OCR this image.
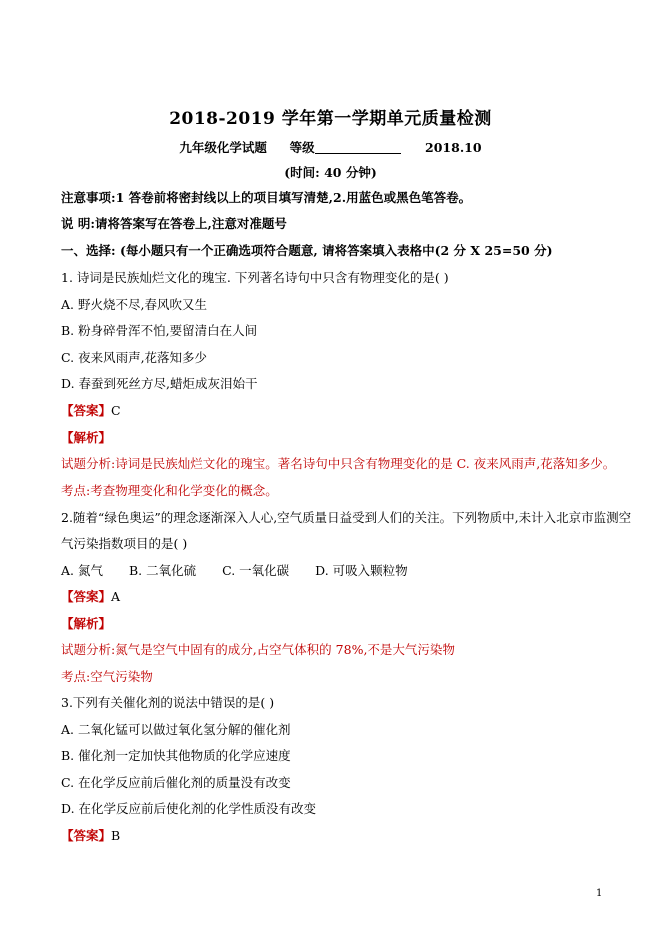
2018-2019 学年第一学期单元质量检测
九年级化学试题 等级	2018.10
(时间: 40 分钟)
注意事项:1 答卷前将密封线以上的项目填写清楚,2.用蓝色或黑色笔答卷。
说 明:请将答案写在答卷上,注意对准题号
一、选择: (每小题只有一个正确选项符合题意, 请将答案填入表格中(2 分 X 25=50 分)
1. 诗词是民族灿烂文化的瑰宝. 下列著名诗句中只含有物理变化的是( )
A. 野火烧不尽,春风吹又生
B. 粉身碎骨浑不怕,要留清白在人间
C. 夜来风雨声,花落知多少
D. 春蚕到死丝方尽,蜡炬成灰泪始干
【答案】C
【解析】
试题分析:诗词是民族灿烂文化的瑰宝。著名诗句中只含有物理变化的是 C. 夜来风雨声,花落知多少。
考点:考查物理变化和化学变化的概念。
2.随着“绿色奥运”的理念逐渐深入人心,空气质量日益受到人们的关注。下列物质中,未计入北京市监测空
气污染指数项目的是( )
A. 氮气 B. 二氧化硫 C. 一氧化碳 D. 可吸入颗粒物
【答案】A
【解析】
试题分析:氮气是空气中固有的成分,占空气体积的 78%,不是大气污染物
考点:空气污染物
3.下列有关催化剂的说法中错误的是( )
A. 二氧化锰可以做过氧化氢分解的催化剂
B. 催化剂一定加快其他物质的化学应速度
C. 在化学反应前后催化剂的质量没有改变
D. 在化学反应前后使化剂的化学性质没有改变
【答案】B
1
